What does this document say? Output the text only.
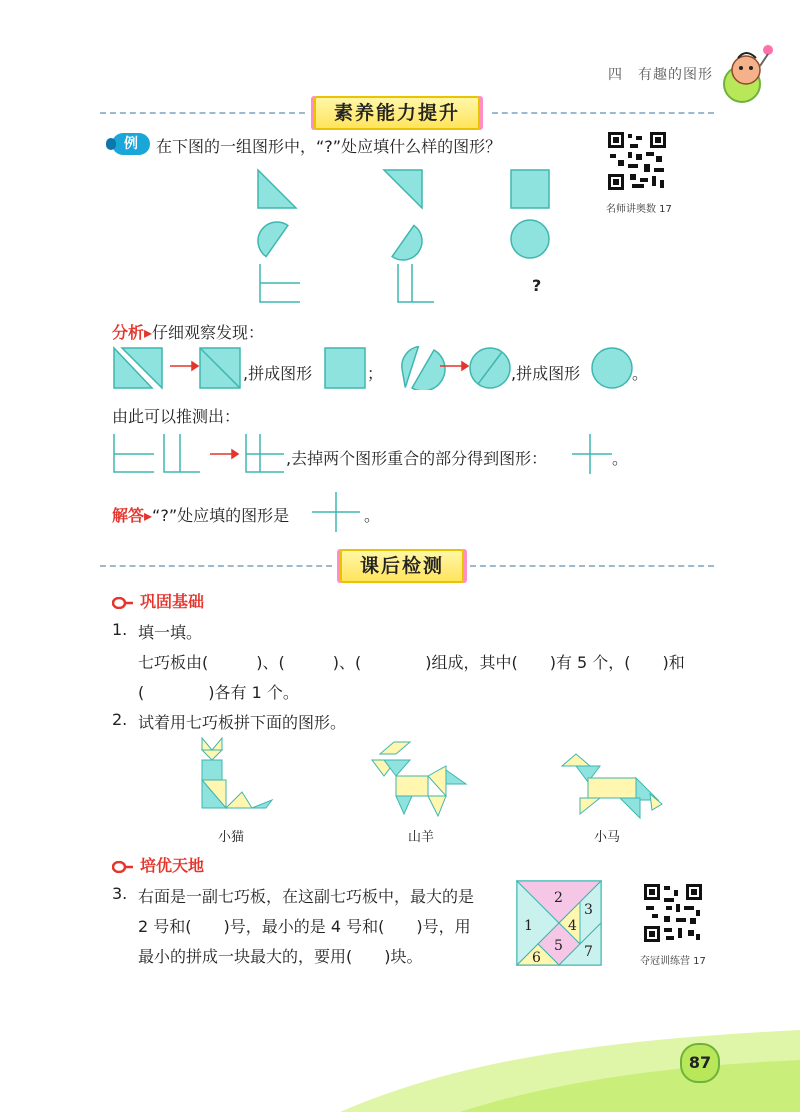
四　有趣的图形
素养能力提升
例	在下图的一组图形中，“?”处应填什么样的图形？
名师讲奥数 17
?
分析▸仔细观察发现：
,拼成图形	；	,拼成图形	。
由此可以推测出：
,去掉两个图形重合的部分得到图形：	。
解答▸“?”处应填的图形是	。
课后检测
巩固基础
1. 填一填。
七巧板由(　　　)、(　　　)、(　　　　)组成，其中(　　)有 5 个，(　　)和
(　　　　)各有 1 个。
2. 试着用七巧板拼下面的图形。
小猫	山羊	小马
培优天地
3. 右面是一副七巧板，在这副七巧板中，最大的是
2 号和(　　)号，最小的是 4 号和(　　)号，用
最小的拼成一块最大的，要用(　　)块。
1
2
3
4
5
6	7
夺冠训练营 17
87
